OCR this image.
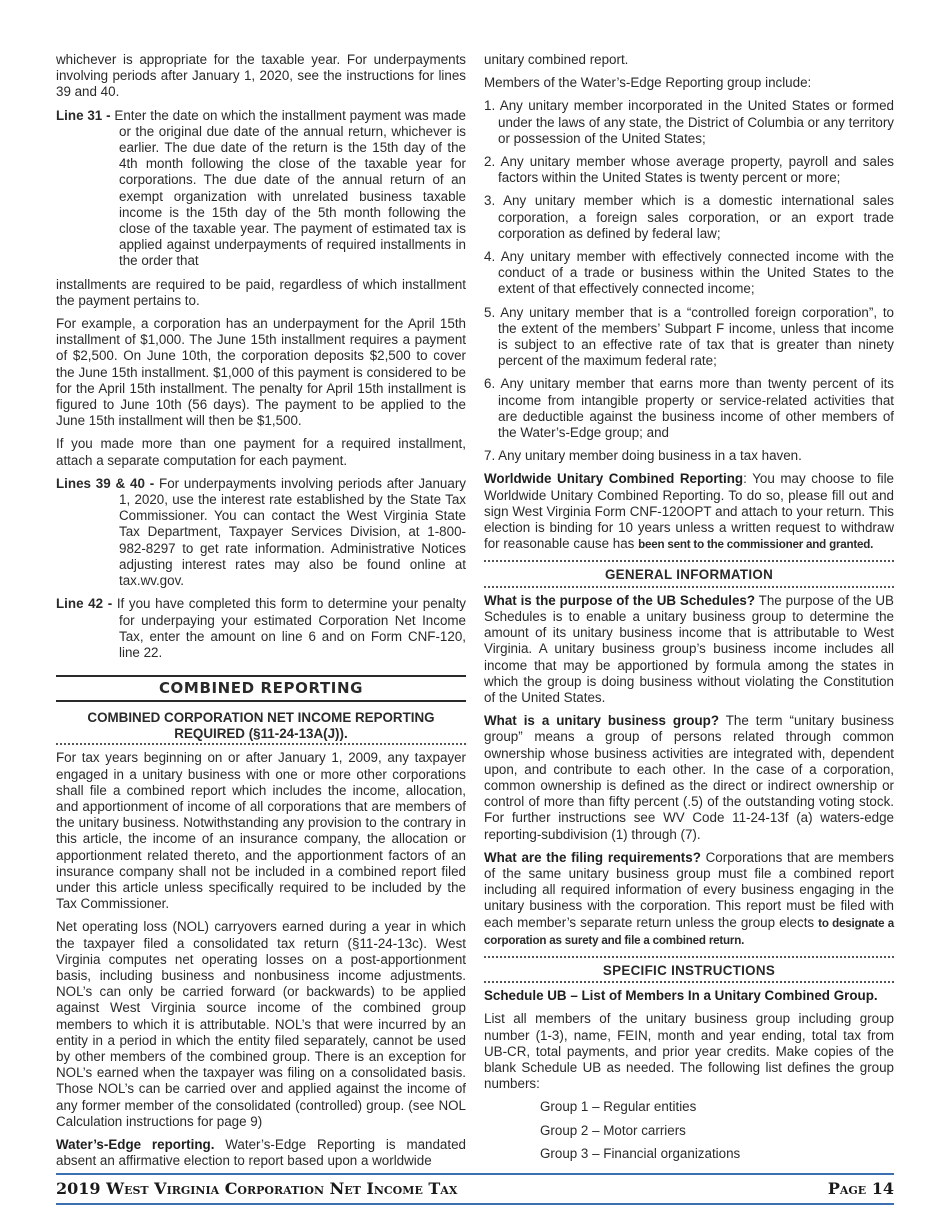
whichever is appropriate for the taxable year. For underpayments involving periods after January 1, 2020, see the instructions for lines 39 and 40.

Line 31 - Enter the date on which the installment payment was made or the original due date of the annual return, whichever is earlier. The due date of the return is the 15th day of the 4th month following the close of the taxable year for corporations. The due date of the annual return of an exempt organization with unrelated business taxable income is the 15th day of the 5th month following the close of the taxable year. The payment of estimated tax is applied against underpayments of required installments in the order that

installments are required to be paid, regardless of which installment the payment pertains to.

For example, a corporation has an underpayment for the April 15th installment of $1,000. The June 15th installment requires a payment of $2,500. On June 10th, the corporation deposits $2,500 to cover the June 15th installment. $1,000 of this payment is considered to be for the April 15th installment. The penalty for April 15th installment is figured to June 10th (56 days). The payment to be applied to the June 15th installment will then be $1,500.

If you made more than one payment for a required installment, attach a separate computation for each payment.

Lines 39 & 40 - For underpayments involving periods after January 1, 2020, use the interest rate established by the State Tax Commissioner. You can contact the West Virginia State Tax Department, Taxpayer Services Division, at 1-800-982-8297 to get rate information. Administrative Notices adjusting interest rates may also be found online at tax.wv.gov.
Line 42 - If you have completed this form to determine your penalty for underpaying your estimated Corporation Net Income Tax, enter the amount on line 6 and on Form CNF-120, line 22.
COMBINED REPORTING
COMBINED CORPORATION NET INCOME REPORTING REQUIRED (§11-24-13A(J)).

For tax years beginning on or after January 1, 2009, any taxpayer engaged in a unitary business with one or more other corporations shall file a combined report which includes the income, allocation, and apportionment of income of all corporations that are members of the unitary business. Notwithstanding any provision to the contrary in this article, the income of an insurance company, the allocation or apportionment related thereto, and the apportionment factors of an insurance company shall not be included in a combined report filed under this article unless specifically required to be included by the Tax Commissioner.

Net operating loss (NOL) carryovers earned during a year in which the taxpayer filed a consolidated tax return (§11-24-13c). West Virginia computes net operating losses on a post-apportionment basis, including business and nonbusiness income adjustments. NOL’s can only be carried forward (or backwards) to be applied against West Virginia source income of the combined group members to which it is attributable. NOL’s that were incurred by an entity in a period in which the entity filed separately, cannot be used by other members of the combined group. There is an exception for NOL’s earned when the taxpayer was filing on a consolidated basis. Those NOL’s can be carried over and applied against the income of any former member of the consolidated (controlled) group. (see NOL Calculation instructions for page 9)

Water’s-Edge reporting. Water’s-Edge Reporting is mandated absent an affirmative election to report based upon a worldwide

unitary combined report.

Members of the Water’s-Edge Reporting group include:

1. Any unitary member incorporated in the United States or formed under the laws of any state, the District of Columbia or any territory or possession of the United States;
2. Any unitary member whose average property, payroll and sales factors within the United States is twenty percent or more;
3. Any unitary member which is a domestic international sales corporation, a foreign sales corporation, or an export trade corporation as defined by federal law;
4. Any unitary member with effectively connected income with the conduct of a trade or business within the United States to the extent of that effectively connected income;
5. Any unitary member that is a “controlled foreign corporation”, to the extent of the members’ Subpart F income, unless that income is subject to an effective rate of tax that is greater than ninety percent of the maximum federal rate;
6. Any unitary member that earns more than twenty percent of its income from intangible property or service-related activities that are deductible against the business income of other members of the Water’s-Edge group; and
7. Any unitary member doing business in a tax haven.

Worldwide Unitary Combined Reporting: You may choose to file Worldwide Unitary Combined Reporting. To do so, please fill out and sign West Virginia Form CNF-120OPT and attach to your return. This election is binding for 10 years unless a written request to withdraw for reasonable cause has been sent to the commissioner and granted.

GENERAL INFORMATION

What is the purpose of the UB Schedules? The purpose of the UB Schedules is to enable a unitary business group to determine the amount of its unitary business income that is attributable to West Virginia. A unitary business group’s business income includes all income that may be apportioned by formula among the states in which the group is doing business without violating the Constitution of the United States.

What is a unitary business group? The term “unitary business group” means a group of persons related through common ownership whose business activities are integrated with, dependent upon, and contribute to each other. In the case of a corporation, common ownership is defined as the direct or indirect ownership or control of more than fifty percent (.5) of the outstanding voting stock. For further instructions see WV Code 11-24-13f (a) waters-edge reporting-subdivision (1) through (7).

What are the filing requirements? Corporations that are members of the same unitary business group must file a combined report including all required information of every business engaging in the unitary business with the corporation. This report must be filed with each member’s separate return unless the group elects to designate a corporation as surety and file a combined return.

SPECIFIC INSTRUCTIONS

Schedule UB – List of Members In a Unitary Combined Group.

List all members of the unitary business group including group number (1-3), name, FEIN, month and year ending, total tax from UB-CR, total payments, and prior year credits. Make copies of the blank Schedule UB as needed. The following list defines the group numbers:

Group 1 – Regular entities
Group 2 – Motor carriers
Group 3 – Financial organizations
2019 West Virginia Corporation Net Income Tax	Page 14
